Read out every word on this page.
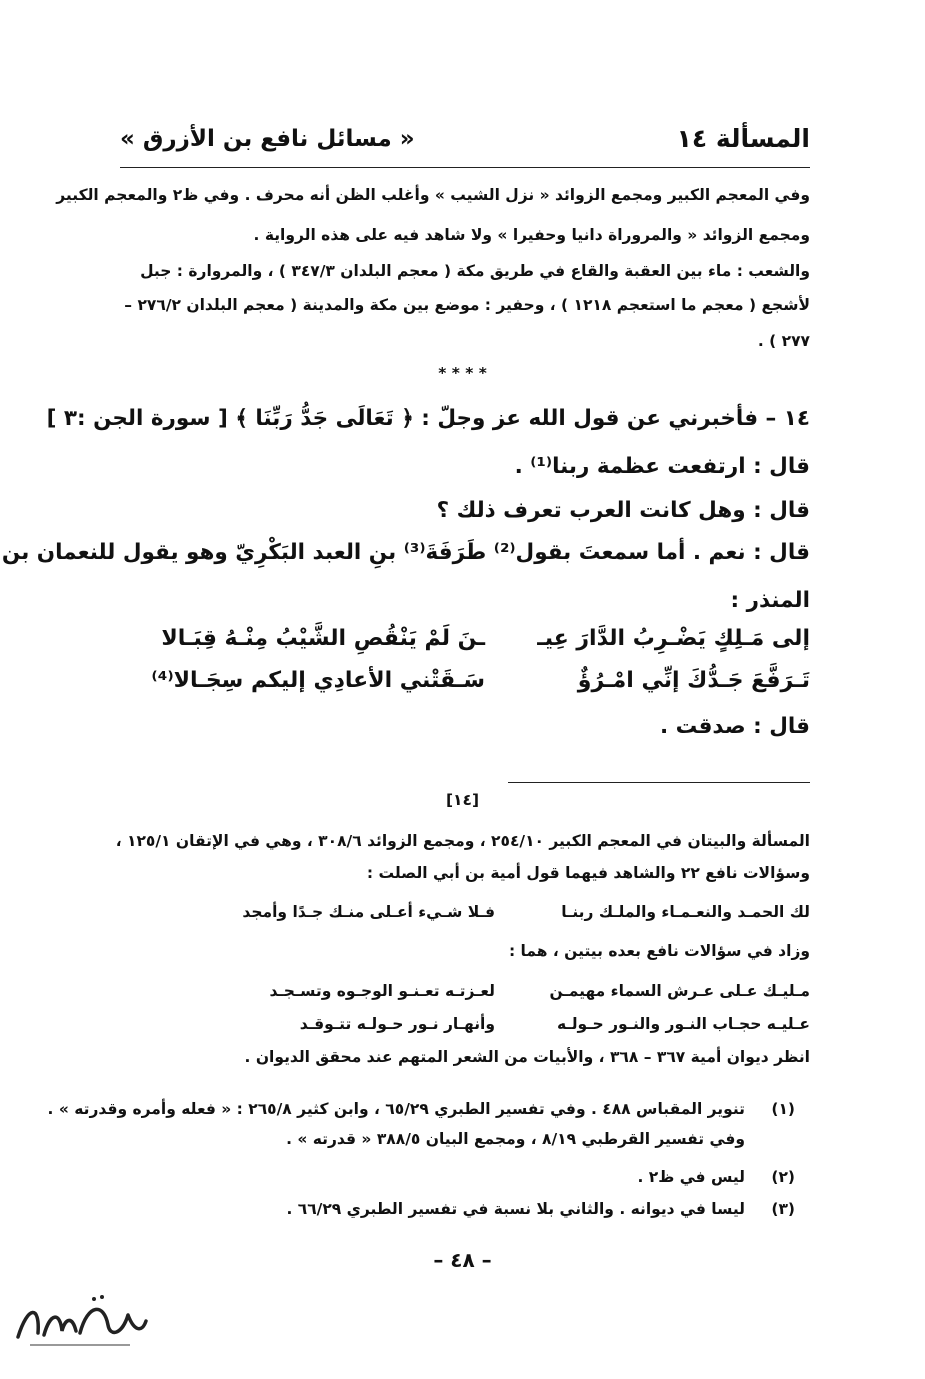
المسألة ١٤
« مسائل نافع بن الأزرق »
وفي المعجم الكبير ومجمع الزوائد « نزل الشيب » وأغلب الظن أنه محرف . وفي ظ٢ والمعجم الكبير
ومجمع الزوائد « والمروراة دانيا وحفيرا » ولا شاهد فيه على هذه الرواية .
والشعب : ماء بين العقبة والقاع في طريق مكة ( معجم البلدان ٣٤٧/٣ ) ، والمروارة : جبل
لأشجع ( معجم ما استعجم ١٢١٨ ) ، وحفير : موضع بين مكة والمدينة ( معجم البلدان ٢٧٦/٢ –
٢٧٧ ) .
* * * *
١٤ – فأخبرني عن قول الله عز وجلّ : ﴿ تَعَالَى جَدُّ رَبِّنَا ﴾ [ سورة الجن :٣ ]
قال : ارتفعت عظمة ربنا⁽¹⁾ .
قال : وهل كانت العرب تعرف ذلك ؟
قال : نعم . أما سمعتَ بقول⁽²⁾ طَرَفَةَ⁽³⁾ بنِ العبد البَكْرِيّ وهو يقول للنعمان بن
المنذر :
إلى مَـلِكٍ يَضْـرِبُ الدَّارَ عِيـ
ـنَ لَمْ يَنْقُصِ الشَّيْبُ مِنْـهُ قِبَـالا
تَـرَفَّعَ جَـدُّكَ إنِّي امْـرُؤٌ
سَـقَتْني الأعادِي إليكم سِجَـالا⁽⁴⁾
قال : صدقت .
[١٤]
المسألة والبيتان في المعجم الكبير ٢٥٤/١٠ ، ومجمع الزوائد ٣٠٨/٦ ، وهي في الإتقان ١٢٥/١ ،
وسؤالات نافع ٢٢ والشاهد فيهما قول أمية بن أبي الصلت :
لك الحمـد والنعـمـاء والملـك ربنـا
فـلا شـيء أعـلى منـك جـدًا وأمجد
وزاد في سؤالات نافع بعده بيتين ، هما :
مـليـك عـلى عـرش السماء مهيمـن
لعـزتـه تعـنـو الوجـوه وتسـجـد
عـليـه حجـاب النـور والنـور حـولـه
وأنهـار نـور حـولـه تتـوقـد
انظر ديوان أمية ٣٦٧ – ٣٦٨ ، والأبيات من الشعر المتهم عند محقق الديوان .
(١)
تنوير المقباس ٤٨٨ . وفي تفسير الطبري ٦٥/٢٩ ، وابن كثير ٢٦٥/٨ : « فعله وأمره وقدرته » .
وفي تفسير القرطبي ٨/١٩ ، ومجمع البيان ٣٨٨/٥ « قدرته » .
(٢)
ليس في ظ٢ .
(٣)
ليسا في ديوانه . والثاني بلا نسبة في تفسير الطبري ٦٦/٢٩ .
– ٤٨ –
